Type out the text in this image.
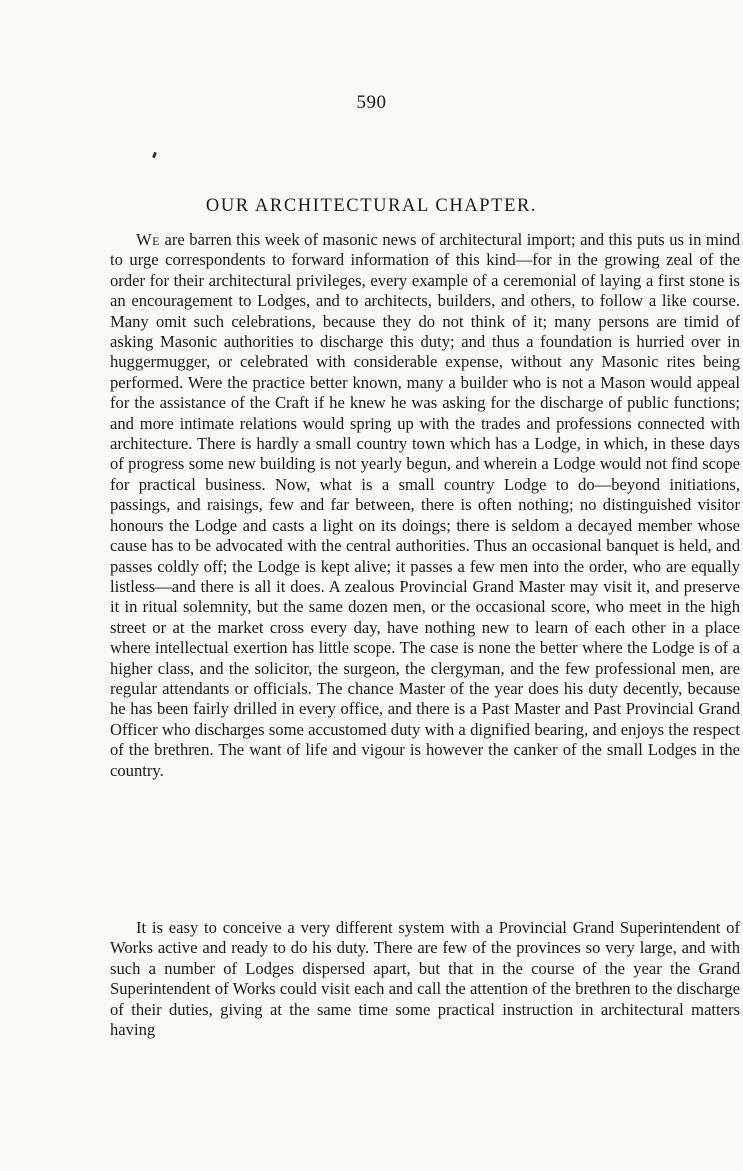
590
OUR ARCHITECTURAL CHAPTER.

We are barren this week of masonic news of architectural import; and this puts us in mind to urge correspondents to forward information of this kind—for in the growing zeal of the order for their architectural privileges, every example of a ceremonial of laying a first stone is an encouragement to Lodges, and to architects, builders, and others, to follow a like course. Many omit such celebrations, because they do not think of it; many persons are timid of asking Masonic authorities to discharge this duty; and thus a foundation is hurried over in huggermugger, or celebrated with considerable expense, without any Masonic rites being performed. Were the practice better known, many a builder who is not a Mason would appeal for the assistance of the Craft if he knew he was asking for the discharge of public functions; and more intimate relations would spring up with the trades and professions connected with architecture. There is hardly a small country town which has a Lodge, in which, in these days of progress some new building is not yearly begun, and wherein a Lodge would not find scope for practical business. Now, what is a small country Lodge to do—beyond initiations, passings, and raisings, few and far between, there is often nothing; no distinguished visitor honours the Lodge and casts a light on its doings; there is seldom a decayed member whose cause has to be advocated with the central authorities. Thus an occasional banquet is held, and passes coldly off; the Lodge is kept alive; it passes a few men into the order, who are equally listless—and there is all it does. A zealous Provincial Grand Master may visit it, and preserve it in ritual solemnity, but the same dozen men, or the occasional score, who meet in the high street or at the market cross every day, have nothing new to learn of each other in a place where intellectual exertion has little scope. The case is none the better where the Lodge is of a higher class, and the solicitor, the surgeon, the clergyman, and the few professional men, are regular attendants or officials. The chance Master of the year does his duty decently, because he has been fairly drilled in every office, and there is a Past Master and Past Provincial Grand Officer who discharges some accustomed duty with a dignified bearing, and enjoys the respect of the brethren. The want of life and vigour is however the canker of the small Lodges in the country.

It is easy to conceive a very different system with a Provincial Grand Superintendent of Works active and ready to do his duty. There are few of the provinces so very large, and with such a number of Lodges dispersed apart, but that in the course of the year the Grand Superintendent of Works could visit each and call the attention of the brethren to the discharge of their duties, giving at the same time some practical instruction in architectural matters having
